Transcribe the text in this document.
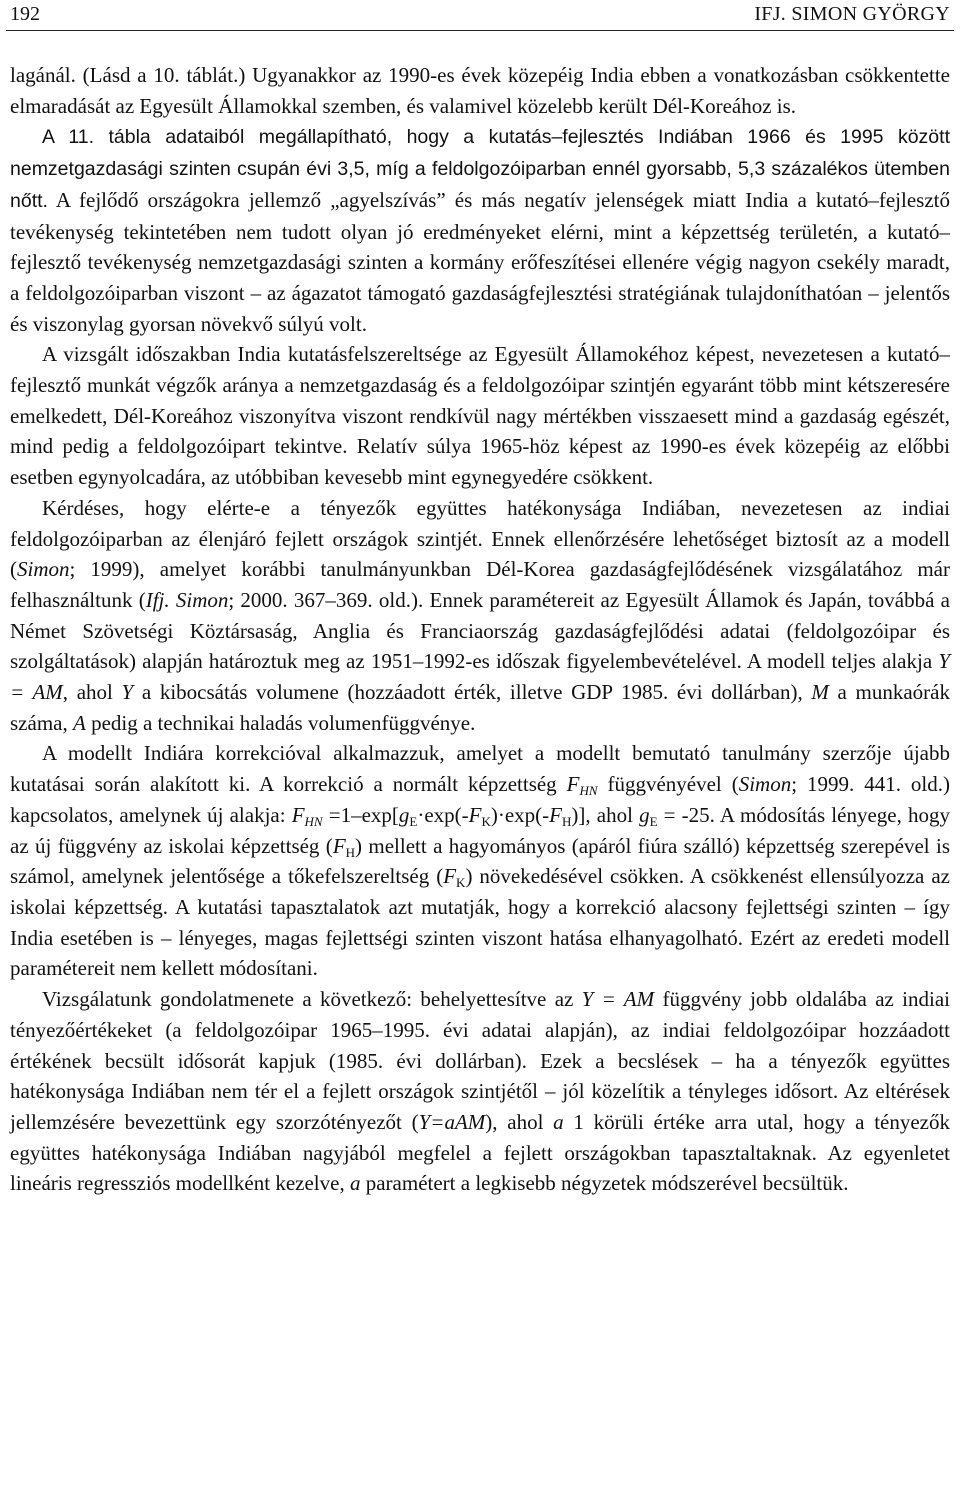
192	IFJ. SIMON GYÖRGY

lagánál. (Lásd a 10. táblát.) Ugyanakkor az 1990-es évek közepéig India ebben a vonatkozásban csökkentette elmaradását az Egyesült Államokkal szemben, és valamivel közelebb került Dél-Koreához is.

A 11. tábla adataiból megállapítható, hogy a kutatás–fejlesztés Indiában 1966 és 1995 között nemzetgazdasági szinten csupán évi 3,5, míg a feldolgozóiparban ennél gyorsabb, 5,3 százalékos ütemben nőtt. A fejlődő országokra jellemző „agyelszívás” és más negatív jelenségek miatt India a kutató–fejlesztő tevékenység tekintetében nem tudott olyan jó eredményeket elérni, mint a képzettség területén, a kutató–fejlesztő tevékenység nemzetgazdasági szinten a kormány erőfeszítései ellenére végig nagyon csekély maradt, a feldolgozóiparban viszont – az ágazatot támogató gazdaságfejlesztési stratégiának tulajdoníthatóan – jelentős és viszonylag gyorsan növekvő súlyú volt.

A vizsgált időszakban India kutatásfelszereltsége az Egyesült Államokéhoz képest, nevezetesen a kutató–fejlesztő munkát végzők aránya a nemzetgazdaság és a feldolgozóipar szintjén egyaránt több mint kétszeresére emelkedett, Dél-Koreához viszonyítva viszont rendkívül nagy mértékben visszaesett mind a gazdaság egészét, mind pedig a feldolgozóipart tekintve. Relatív súlya 1965-höz képest az 1990-es évek közepéig az előbbi esetben egynyolcadára, az utóbbiban kevesebb mint egynegyedére csökkent.

Kérdéses, hogy elérte-e a tényezők együttes hatékonysága Indiában, nevezetesen az indiai feldolgozóiparban az élenjáró fejlett országok szintjét. Ennek ellenőrzésére lehetőséget biztosít az a modell (Simon; 1999), amelyet korábbi tanulmányunkban Dél-Korea gazdaságfejlődésének vizsgálatához már felhasználtunk (Ifj. Simon; 2000. 367–369. old.). Ennek paramétereit az Egyesült Államok és Japán, továbbá a Német Szövetségi Köztársaság, Anglia és Franciaország gazdaságfejlődési adatai (feldolgozóipar és szolgáltatások) alapján határoztuk meg az 1951–1992-es időszak figyelembevételével. A modell teljes alakja Y = AM, ahol Y a kibocsátás volumene (hozzáadott érték, illetve GDP 1985. évi dollárban), M a munkaórák száma, A pedig a technikai haladás volumenfüggvénye.

A modellt Indiára korrekcióval alkalmazzuk, amelyet a modellt bemutató tanulmány szerzője újabb kutatásai során alakított ki. A korrekció a normált képzettség $F_{HN}$ függvényével (Simon; 1999. 441. old.) kapcsolatos, amelynek új alakja: $F_{HN} =1-\exp[g_E\cdot\exp(-F_K)\cdot\exp(-F_H)]$, ahol $g_E = -25$. A módosítás lényege, hogy az új függvény az iskolai képzettség $(F_H)$ mellett a hagyományos (apáról fiúra szálló) képzettség szerepével is számol, amelynek jelentősége a tőkefelszereltség $(F_K)$ növekedésével csökken. A csökkenést ellensúlyozza az iskolai képzettség. A kutatási tapasztalatok azt mutatják, hogy a korrekció alacsony fejlettségi szinten – így India esetében is – lényeges, magas fejlettségi szinten viszont hatása elhanyagolható. Ezért az eredeti modell paramétereit nem kellett módosítani.

Vizsgálatunk gondolatmenete a következő: behelyettesítve az Y = AM függvény jobb oldalába az indiai tényezőértékeket (a feldolgozóipar 1965–1995. évi adatai alapján), az indiai feldolgozóipar hozzáadott értékének becsült idősorát kapjuk (1985. évi dollárban). Ezek a becslések – ha a tényezők együttes hatékonysága Indiában nem tér el a fejlett országok szintjétől – jól közelítik a tényleges idősort. Az eltérések jellemzésére bevezettünk egy szorzótényezőt (Y=aAM), ahol a 1 körüli értéke arra utal, hogy a tényezők együttes hatékonysága Indiában nagyjából megfelel a fejlett országokban tapasztaltaknak. Az egyenletet lineáris regressziós modellként kezelve, a paramétert a legkisebb négyzetek módszerével becsültük.
